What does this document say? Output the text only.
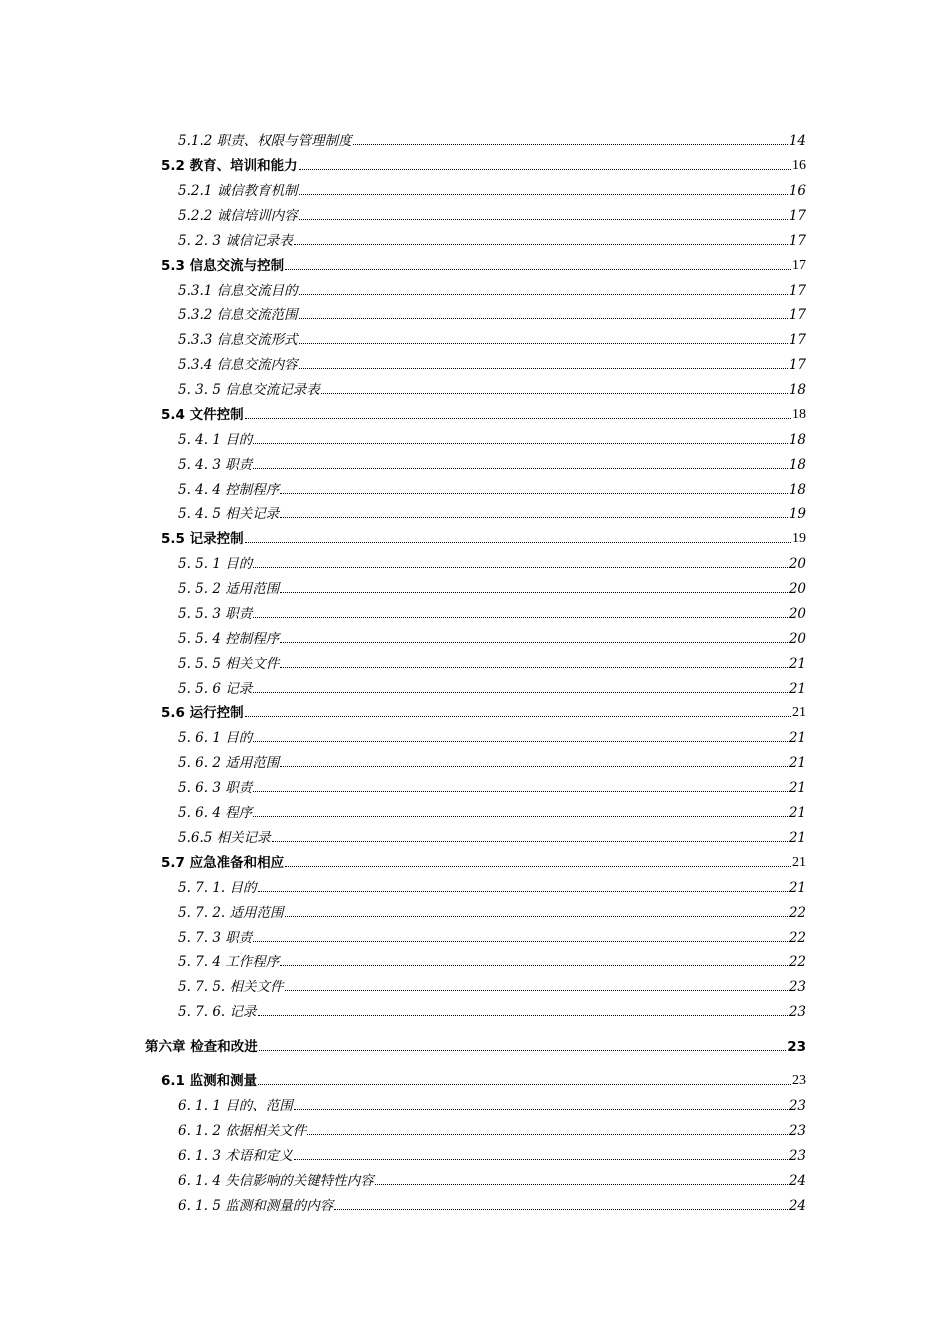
5.1.2 职责、权限与管理制度	14
5.2 教育、培训和能力	16
5.2.1 诚信教育机制	16
5.2.2 诚信培训内容	17
5. 2. 3 诚信记录表	17
5.3 信息交流与控制	17
5.3.1 信息交流目的	17
5.3.2 信息交流范围	17
5.3.3 信息交流形式	17
5.3.4 信息交流内容	17
5. 3. 5 信息交流记录表	18
5.4 文件控制	18
5. 4. 1 目的	18
5. 4. 3 职责	18
5. 4. 4 控制程序	18
5. 4. 5 相关记录	19
5.5 记录控制	19
5. 5. 1 目的	20
5. 5. 2 适用范围	20
5. 5. 3 职责	20
5. 5. 4 控制程序	20
5. 5. 5 相关文件	21
5. 5. 6 记录	21
5.6 运行控制	21
5. 6. 1 目的	21
5. 6. 2 适用范围	21
5. 6. 3 职责	21
5. 6. 4 程序	21
5.6.5 相关记录	21
5.7 应急准备和相应	21
5. 7. 1. 目的	21
5. 7. 2. 适用范围	22
5. 7. 3 职责	22
5. 7. 4 工作程序	22
5. 7. 5. 相关文件	23
5. 7. 6. 记录	23
第六章 检查和改进	23
6.1 监测和测量	23
6. 1. 1 目的、范围	23
6. 1. 2 依据相关文件	23
6. 1. 3 术语和定义	23
6. 1. 4 失信影响的关键特性内容	24
6. 1. 5 监测和测量的内容	24
